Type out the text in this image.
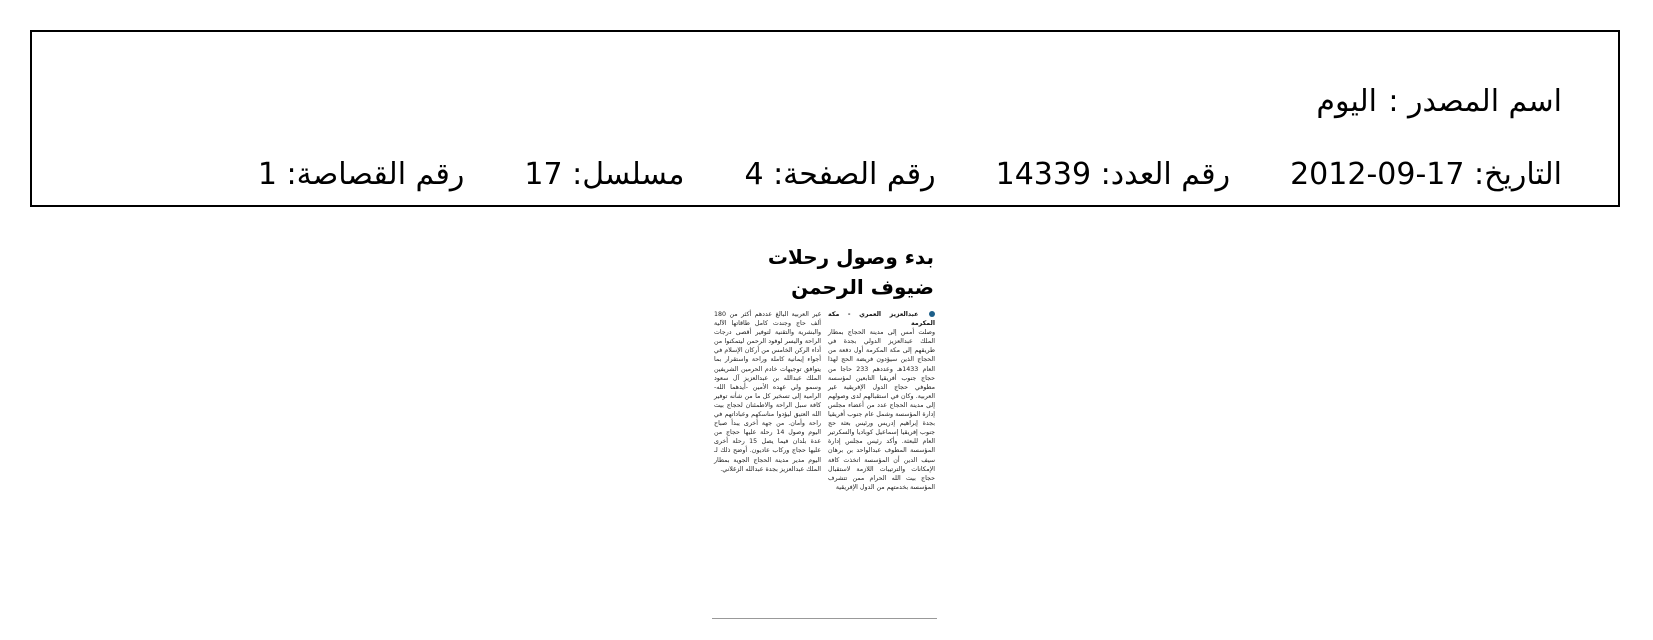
اسم المصدر :
اليوم
التاريخ: 17-09-2012
رقم العدد: 14339
رقم الصفحة: 4
مسلسل: 17
رقم القصاصة: 1
بدء وصول رحلات ضيوف الرحمن
عبدالعزيز العمري - مكة المكرمة

وصلت أمس إلى مدينة الحجاج بمطار الملك عبدالعزيز الدولي بجدة في طريقهم إلى مكة المكرمة أول دفعة من الحجاج الذين سيؤدون فريضة الحج لهذا العام 1433هـ وعددهم 233 حاجا من حجاج جنوب أفريقيا التابعين لمؤسسة مطوفي حجاج الدول الإفريقية غير العربية. وكان في استقبالهم لدى وصولهم إلى مدينة الحجاج عدد من أعضاء مجلس إدارة المؤسسة وشمل عام جنوب أفريقيا بجدة إبراهيم إدريس ورئيس بعثة حج جنوب إفريقيا إسماعيل كوباديا والسكرتير العام للبعثة. وأكد رئيس مجلس إدارة المؤسسة المطوف عبدالواحد بن برهان سيف الدين أن المؤسسة اتخذت كافة الإمكانات والترتيبات اللازمة لاستقبال حجاج بيت الله الحرام ممن تتشرف المؤسسة بخدمتهم من الدول الإفريقية

غير العربية البالغ عددهم أكثر من 180 ألف حاج وجندت كامل طاقاتها الآلية والبشرية والتقنية لتوفير أقصى درجات الراحة واليسر لوفود الرحمن ليتمكنوا من أداء الركن الخامس من أركان الإسلام في أجواء إيمانية كاملة وراحة واستقرار بما يتوافق توجيهات خادم الحرمين الشريفين الملك عبدالله بن عبدالعزيز آل سعود وسمو ولي عهده الأمين -أيدهما الله- الرامية إلى تسخير كل ما من شأنه توفير كافة سبل الراحة والاطمئنان لحجاج بيت الله العتيق ليؤدوا مناسكهم وعباداتهم في راحة وأمان. من جهة أخرى يبدأ صباح اليوم وصول 14 رحلة عليها حجاج من عدة بلدان فيما يصل 15 رحلة أخرى عليها حجاج وركاب عاديون. أوضح ذلك لـ اليوم مدير مدينة الحجاج الجوية بمطار الملك عبدالعزيز بجدة عبدالله الزغلاني.
